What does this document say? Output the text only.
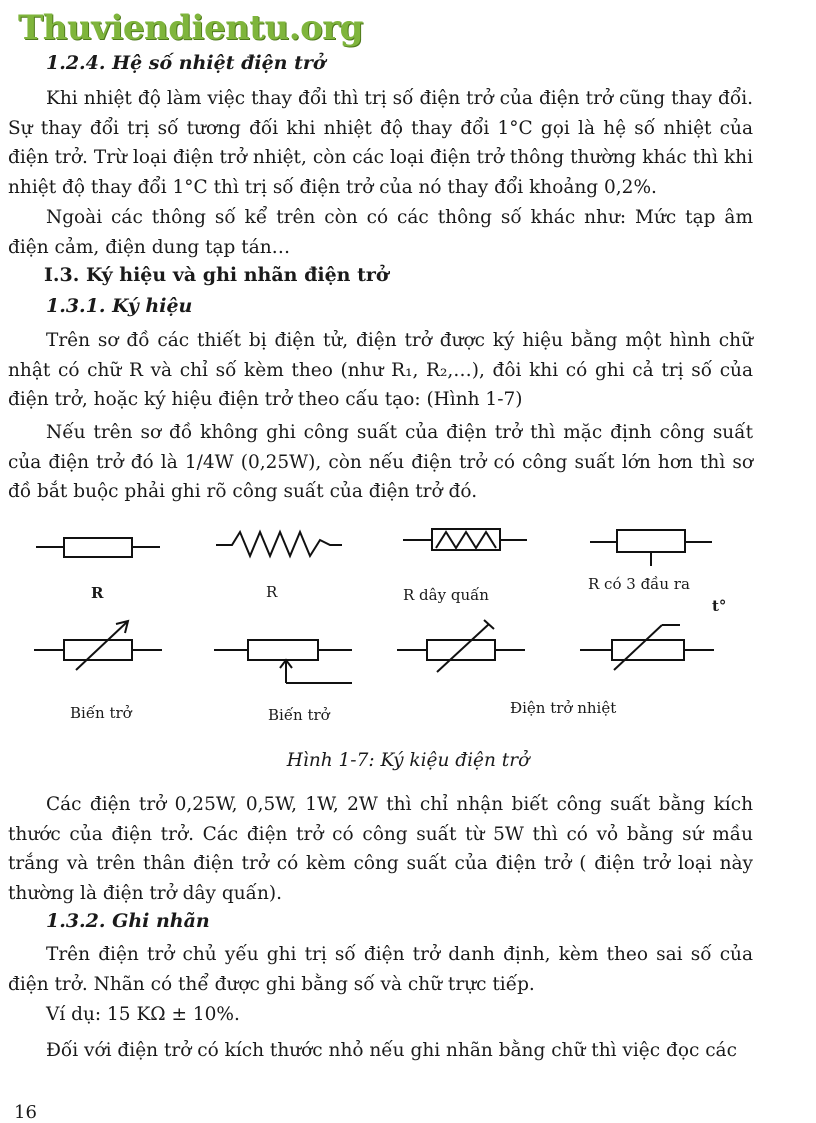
Thuviendientu.org
1.2.4. Hệ số nhiệt điện trở

Khi nhiệt độ làm việc thay đổi thì trị số điện trở của điện trở cũng thay đổi. Sự thay đổi trị số tương đối khi nhiệt độ thay đổi 1°C gọi là hệ số nhiệt của điện trở. Trừ loại điện trở nhiệt, còn các loại điện trở thông thường khác thì khi nhiệt độ thay đổi 1°C thì trị số điện trở của nó thay đổi khoảng 0,2%.

Ngoài các thông số kể trên còn có các thông số khác như: Mức tạp âm điện cảm, điện dung tạp tán…

I.3. Ký hiệu và ghi nhãn điện trở
1.3.1. Ký hiệu

Trên sơ đồ các thiết bị điện tử, điện trở được ký hiệu bằng một hình chữ nhật có chữ R và chỉ số kèm theo (như R₁, R₂,…), đôi khi có ghi cả trị số của điện trở, hoặc ký hiệu điện trở theo cấu tạo: (Hình 1-7)

Nếu trên sơ đồ không ghi công suất của điện trở thì mặc định công suất của điện trở đó là 1/4W (0,25W), còn nếu điện trở có công suất lớn hơn thì sơ đồ bắt buộc phải ghi rõ công suất của điện trở đó.

R	R	R dây quấn
R có 3 đầu ra
t°
Biến trở	Biến trở	Điện trở nhiệt
Hình 1-7: Ký kiệu điện trở

Các điện trở 0,25W, 0,5W, 1W, 2W thì chỉ nhận biết công suất bằng kích thước của điện trở. Các điện trở có công suất từ 5W thì có vỏ bằng sứ mầu trắng và trên thân điện trở có kèm công suất của điện trở ( điện trở loại này thường là điện trở dây quấn).

1.3.2. Ghi nhãn

Trên điện trở chủ yếu ghi trị số điện trở danh định, kèm theo sai số của điện trở. Nhãn có thể được ghi bằng số và chữ trực tiếp.

Ví dụ: 15 KΩ ± 10%.

Đối với điện trở có kích thước nhỏ nếu ghi nhãn bằng chữ thì việc đọc các

16
